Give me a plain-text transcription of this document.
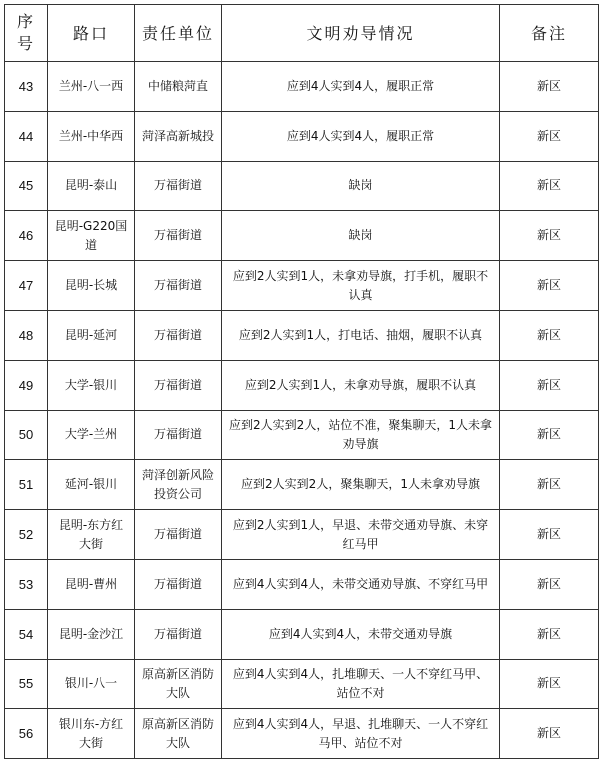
序号	路口	责任单位	文明劝导情况	备注
43	兰州-八一西	中储粮菏直	应到4人实到4人，履职正常	新区
44	兰州-中华西	菏泽高新城投	应到4人实到4人，履职正常	新区
45	昆明-泰山	万福街道	缺岗	新区
46	昆明-G220国道	万福街道	缺岗	新区
47	昆明-长城	万福街道	应到2人实到1人，未拿劝导旗，打手机，履职不认真	新区
48	昆明-延河	万福街道	应到2人实到1人，打电话、抽烟，履职不认真	新区
49	大学-银川	万福街道	应到2人实到1人，未拿劝导旗，履职不认真	新区
50	大学-兰州	万福街道	应到2人实到2人，站位不准，聚集聊天，1人未拿劝导旗	新区
51	延河-银川	菏泽创新风险投资公司	应到2人实到2人，聚集聊天，1人未拿劝导旗	新区
52	昆明-东方红大街	万福街道	应到2人实到1人，早退、未带交通劝导旗、未穿红马甲	新区
53	昆明-曹州	万福街道	应到4人实到4人，未带交通劝导旗、不穿红马甲	新区
54	昆明-金沙江	万福街道	应到4人实到4人，未带交通劝导旗	新区
55	银川-八一	原高新区消防大队	应到4人实到4人，扎堆聊天、一人不穿红马甲、站位不对	新区
56	银川东-方红大街	原高新区消防大队	应到4人实到4人，早退、扎堆聊天、一人不穿红马甲、站位不对	新区
